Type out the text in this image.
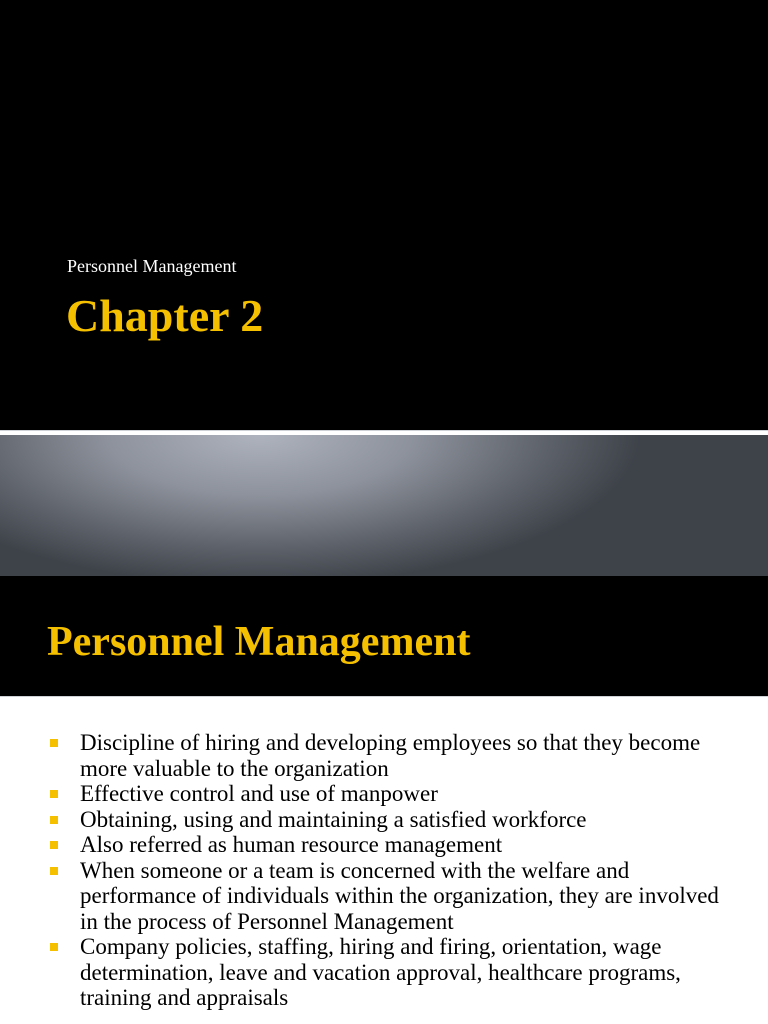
Personnel Management
Chapter 2
Personnel Management
Discipline of hiring and developing employees so that they become more valuable to the organization
Effective control and use of manpower
Obtaining, using and maintaining a satisfied workforce
Also referred as human resource management
When someone or a team is concerned with the welfare and performance of individuals within the organization, they are involved in the process of Personnel Management
Company policies, staffing, hiring and firing, orientation, wage determination, leave and vacation approval, healthcare programs, training and appraisals
